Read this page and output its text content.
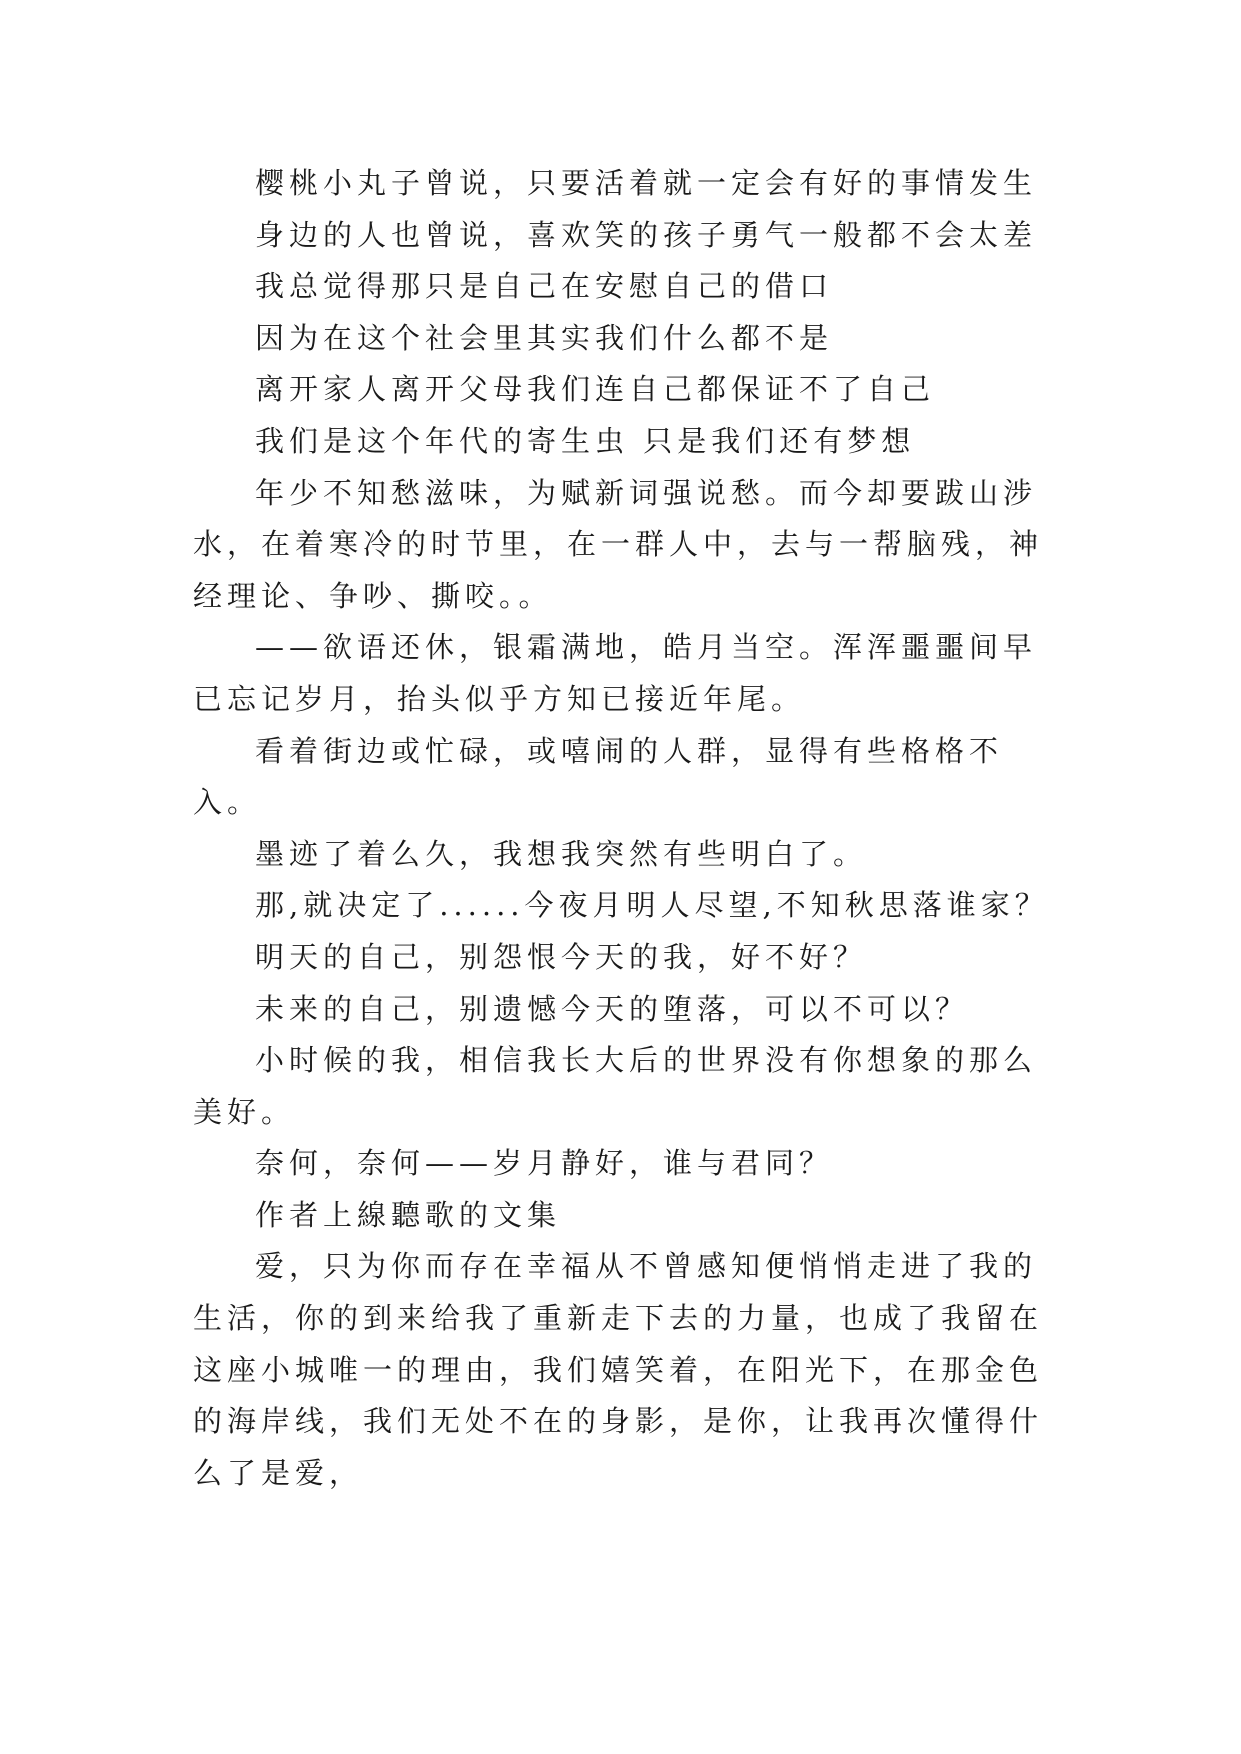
樱桃小丸子曾说，只要活着就一定会有好的事情发生

身边的人也曾说，喜欢笑的孩子勇气一般都不会太差

我总觉得那只是自己在安慰自己的借口

因为在这个社会里其实我们什么都不是

离开家人离开父母我们连自己都保证不了自己

我们是这个年代的寄生虫 只是我们还有梦想

年少不知愁滋味，为赋新词强说愁。而今却要跋山涉水，在着寒冷的时节里，在一群人中，去与一帮脑残，神经理论、争吵、撕咬。。

——欲语还休，银霜满地，皓月当空。浑浑噩噩间早已忘记岁月，抬头似乎方知已接近年尾。

看着街边或忙碌，或嘻闹的人群，显得有些格格不入。

墨迹了着么久，我想我突然有些明白了。

那,就决定了......今夜月明人尽望,不知秋思落谁家？

明天的自己，别怨恨今天的我，好不好？

未来的自己，别遗憾今天的堕落，可以不可以？

小时候的我，相信我长大后的世界没有你想象的那么美好。

奈何，奈何——岁月静好，谁与君同？

作者上線聽歌的文集

爱，只为你而存在幸福从不曾感知便悄悄走进了我的生活，你的到来给我了重新走下去的力量，也成了我留在这座小城唯一的理由，我们嬉笑着，在阳光下，在那金色的海岸线，我们无处不在的身影，是你，让我再次懂得什么了是爱，
